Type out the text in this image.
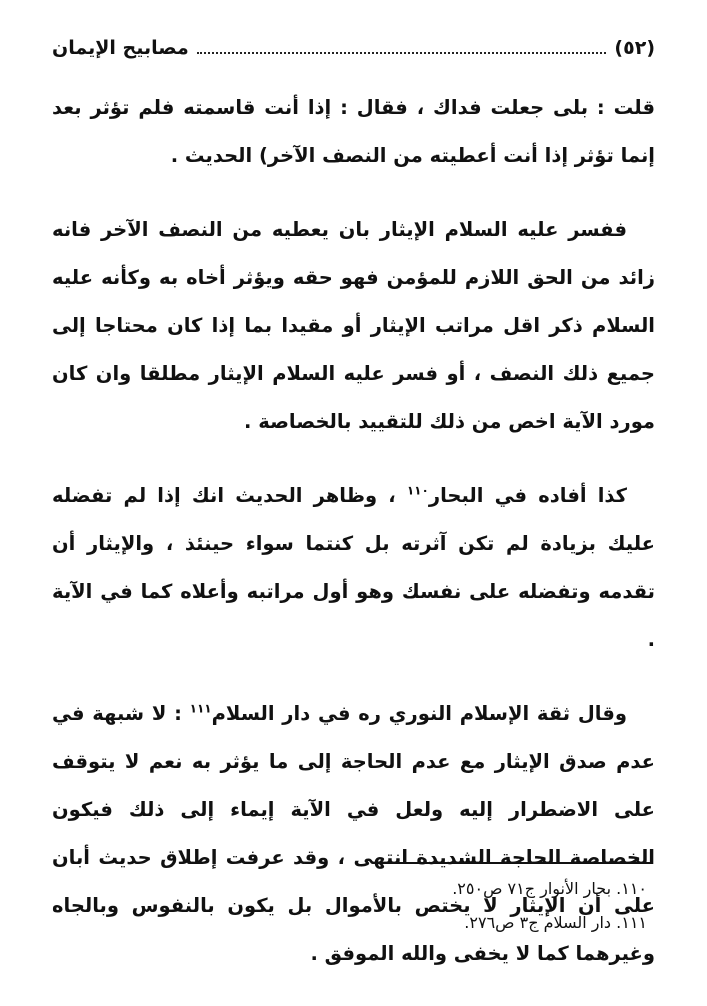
(٥٢)
مصابيح الإيمان

قلت : بلى جعلت فداك ، فقال : إذا أنت قاسمته فلم تؤثر بعد إنما تؤثر إذا أنت أعطيته من النصف الآخر) الحديث .

ففسر عليه السلام الإيثار بان يعطيه من النصف الآخر فانه زائد من الحق اللازم للمؤمن فهو حقه ويؤثر أخاه به وكأنه عليه السلام ذكر اقل مراتب الإيثار أو مقيدا بما إذا كان محتاجا إلى جميع ذلك النصف ، أو فسر عليه السلام الإيثار مطلقا وان كان مورد الآية اخص من ذلك للتقييد بالخصاصة .

كذا أفاده في البحار$^{١١٠}$ ، وظاهر الحديث انك إذا لم تفضله عليك بزيادة لم تكن آثرته بل كنتما سواء حينئذ ، والإيثار أن تقدمه وتفضله على نفسك وهو أول مراتبه وأعلاه كما في الآية .

وقال ثقة الإسلام النوري ره في دار السلام$^{١١١}$ : لا شبهة في عدم صدق الإيثار مع عدم الحاجة إلى ما يؤثر به نعم لا يتوقف على الاضطرار إليه ولعل في الآية إيماء إلى ذلك فيكون الخصاصة الحاجة الشديدة انتهى ، وقد عرفت إطلاق حديث أبان على أن الإيثار لا يختص بالأموال بل يكون بالنفوس وبالجاه وغيرهما كما لا يخفى والله الموفق .

١١٠. بحار الأنوار ج٧١ ص٢٥٠.

١١١. دار السلام ج٣ ص٢٧٦.
